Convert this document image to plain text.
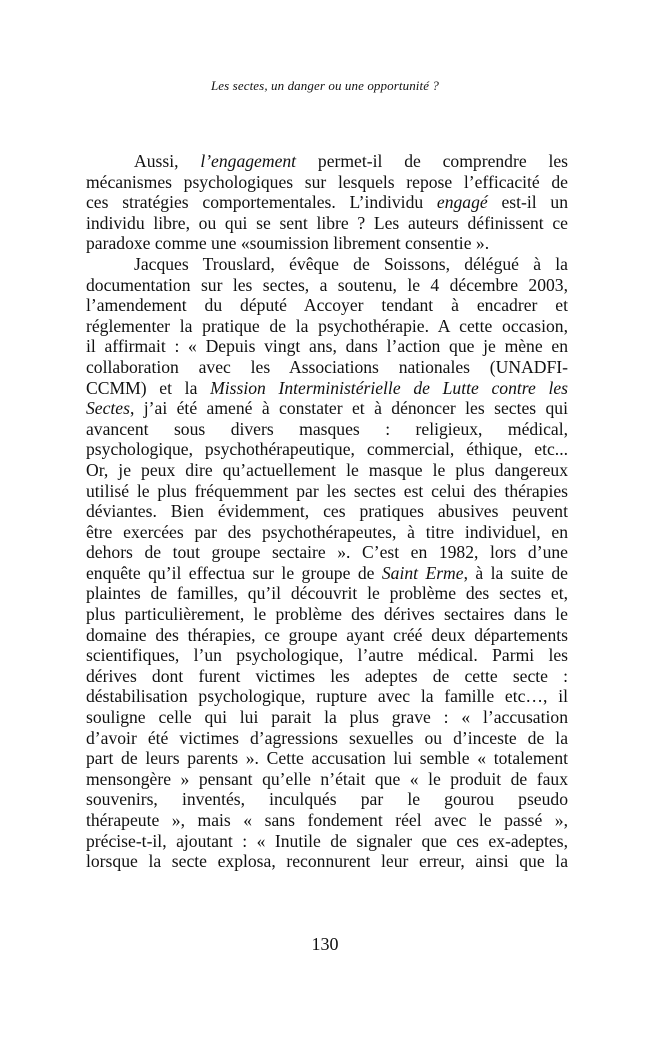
Les sectes, un danger ou une opportunité ?
Aussi, l’engagement permet-il de comprendre les
mécanismes psychologiques sur lesquels repose l’efficacité de
ces stratégies comportementales. L’individu engagé est-il un
individu libre, ou qui se sent libre ? Les auteurs définissent ce
paradoxe comme une «soumission librement consentie ».
Jacques Trouslard, évêque de Soissons, délégué à la
documentation sur les sectes, a soutenu, le 4 décembre 2003,
l’amendement du député Accoyer tendant à encadrer et
réglementer la pratique de la psychothérapie. A cette occasion,
il affirmait : « Depuis vingt ans, dans l’action que je mène en
collaboration avec les Associations nationales (UNADFI-
CCMM) et la Mission Interministérielle de Lutte contre les
Sectes, j’ai été amené à constater et à dénoncer les sectes qui
avancent sous divers masques : religieux, médical,
psychologique, psychothérapeutique, commercial, éthique, etc...
Or, je peux dire qu’actuellement le masque le plus dangereux
utilisé le plus fréquemment par les sectes est celui des thérapies
déviantes. Bien évidemment, ces pratiques abusives peuvent
être exercées par des psychothérapeutes, à titre individuel, en
dehors de tout groupe sectaire ». C’est en 1982, lors d’une
enquête qu’il effectua sur le groupe de Saint Erme, à la suite de
plaintes de familles, qu’il découvrit le problème des sectes et,
plus particulièrement, le problème des dérives sectaires dans le
domaine des thérapies, ce groupe ayant créé deux départements
scientifiques, l’un psychologique, l’autre médical. Parmi les
dérives dont furent victimes les adeptes de cette secte :
déstabilisation psychologique, rupture avec la famille etc…, il
souligne celle qui lui parait la plus grave : « l’accusation
d’avoir été victimes d’agressions sexuelles ou d’inceste de la
part de leurs parents ». Cette accusation lui semble « totalement
mensongère » pensant qu’elle n’était que « le produit de faux
souvenirs, inventés, inculqués par le gourou pseudo
thérapeute », mais « sans fondement réel avec le passé »,
précise-t-il, ajoutant : « Inutile de signaler que ces ex-adeptes,
lorsque la secte explosa, reconnurent leur erreur, ainsi que la
130
